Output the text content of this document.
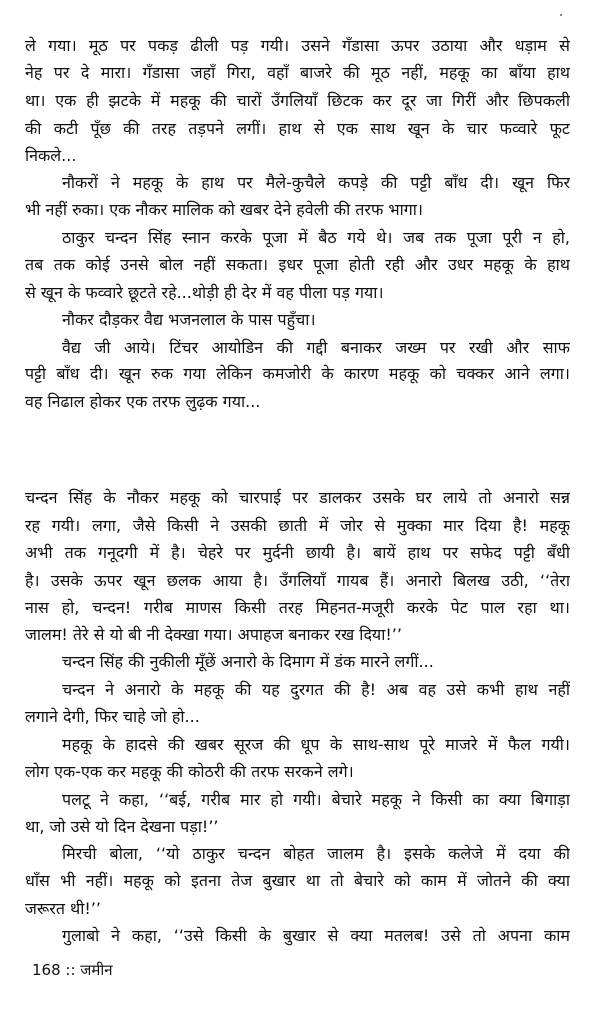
ले गया। मूठ पर पकड़ ढीली पड़ गयी। उसने गँडासा ऊपर उठाया और धड़ाम से
नेह पर दे मारा। गँडासा जहाँ गिरा, वहाँ बाजरे की मूठ नहीं, महकू का बाँया हाथ
था। एक ही झटके में महकू की चारों उँगलियाँ छिटक कर दूर जा गिरीं और छिपकली
की कटी पूँछ की तरह तड़पने लगीं। हाथ से एक साथ खून के चार फव्वारे फूट
निकले...
नौकरों ने महकू के हाथ पर मैले-कुचैले कपड़े की पट्टी बाँध दी। खून फिर
भी नहीं रुका। एक नौकर मालिक को खबर देने हवेली की तरफ भागा।
ठाकुर चन्दन सिंह स्नान करके पूजा में बैठ गये थे। जब तक पूजा पूरी न हो,
तब तक कोई उनसे बोल नहीं सकता। इधर पूजा होती रही और उधर महकू के हाथ
से खून के फव्वारे छूटते रहे...थोड़ी ही देर में वह पीला पड़ गया।
नौकर दौड़कर वैद्य भजनलाल के पास पहुँचा।
वैद्य जी आये। टिंचर आयोडिन की गद्दी बनाकर जख्म पर रखी और साफ
पट्टी बाँध दी। खून रुक गया लेकिन कमजोरी के कारण महकू को चक्कर आने लगा।
वह निढाल होकर एक तरफ लुढ़क गया...
चन्दन सिंह के नौकर महकू को चारपाई पर डालकर उसके घर लाये तो अनारो सन्न
रह गयी। लगा, जैसे किसी ने उसकी छाती में जोर से मुक्का मार दिया है! महकू
अभी तक गनूदगी में है। चेहरे पर मुर्दनी छायी है। बायें हाथ पर सफेद पट्टी बँधी
है। उसके ऊपर खून छलक आया है। उँगलियाँ गायब हैं। अनारो बिलख उठी, ‘‘तेरा
नास हो, चन्दन! गरीब माणस किसी तरह मिहनत-मजूरी करके पेट पाल रहा था।
जालम! तेरे से यो बी नी देक्खा गया। अपाहज बनाकर रख दिया!’’
चन्दन सिंह की नुकीली मूँछें अनारो के दिमाग में डंक मारने लगीं...
चन्दन ने अनारो के महकू की यह दुरगत की है! अब वह उसे कभी हाथ नहीं
लगाने देगी, फिर चाहे जो हो...
महकू के हादसे की खबर सूरज की धूप के साथ-साथ पूरे माजरे में फैल गयी।
लोग एक-एक कर महकू की कोठरी की तरफ सरकने लगे।
पलटू ने कहा, ‘‘बई, गरीब मार हो गयी। बेचारे महकू ने किसी का क्या बिगाड़ा
था, जो उसे यो दिन देखना पड़ा!’’
मिरची बोला, ‘‘यो ठाकुर चन्दन बोहत जालम है। इसके कलेजे में दया की
धाँस भी नहीं। महकू को इतना तेज बुखार था तो बेचारे को काम में जोतने की क्या
जरूरत थी!’’
गुलाबो ने कहा, ‘‘उसे किसी के बुखार से क्या मतलब! उसे तो अपना काम
168 :: जमीन
